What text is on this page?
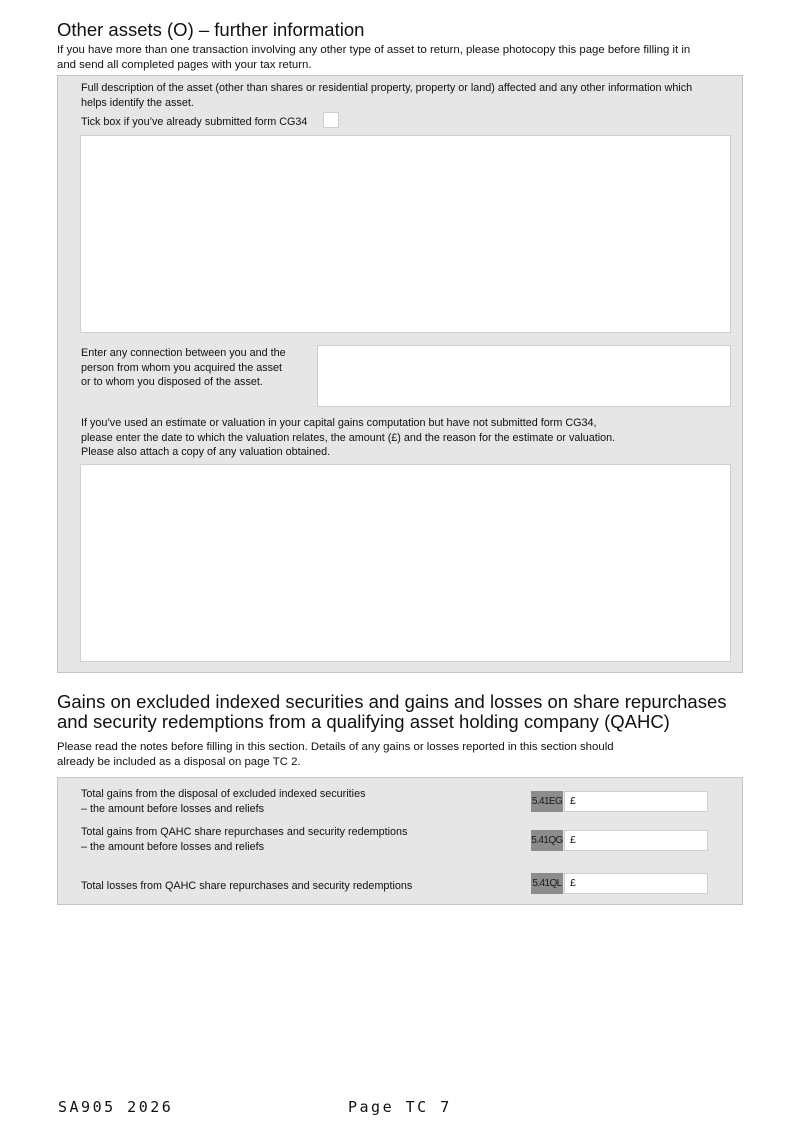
Other assets (O) – further information
If you have more than one transaction involving any other type of asset to return, please photocopy this page before filling it in
and send all completed pages with your tax return.
Full description of the asset (other than shares or residential property, property or land) affected and any other information which
helps identify the asset.
Tick box if you’ve already submitted form CG34
Enter any connection between you and the
person from whom you acquired the asset
or to whom you disposed of the asset.
If you’ve used an estimate or valuation in your capital gains computation but have not submitted form CG34,
please enter the date to which the valuation relates, the amount (£) and the reason for the estimate or valuation.
Please also attach a copy of any valuation obtained.
Gains on excluded indexed securities and gains and losses on share repurchases
and security redemptions from a qualifying asset holding company (QAHC)
Please read the notes before filling in this section. Details of any gains or losses reported in this section should
already be included as a disposal on page TC 2.
Total gains from the disposal of excluded indexed securities
– the amount before losses and reliefs
5.41EG £
Total gains from QAHC share repurchases and security redemptions
– the amount before losses and reliefs	5.41QG £
Total losses from QAHC share repurchases and security redemptions	5.41QL £
SA905 2026	Page TC 7
